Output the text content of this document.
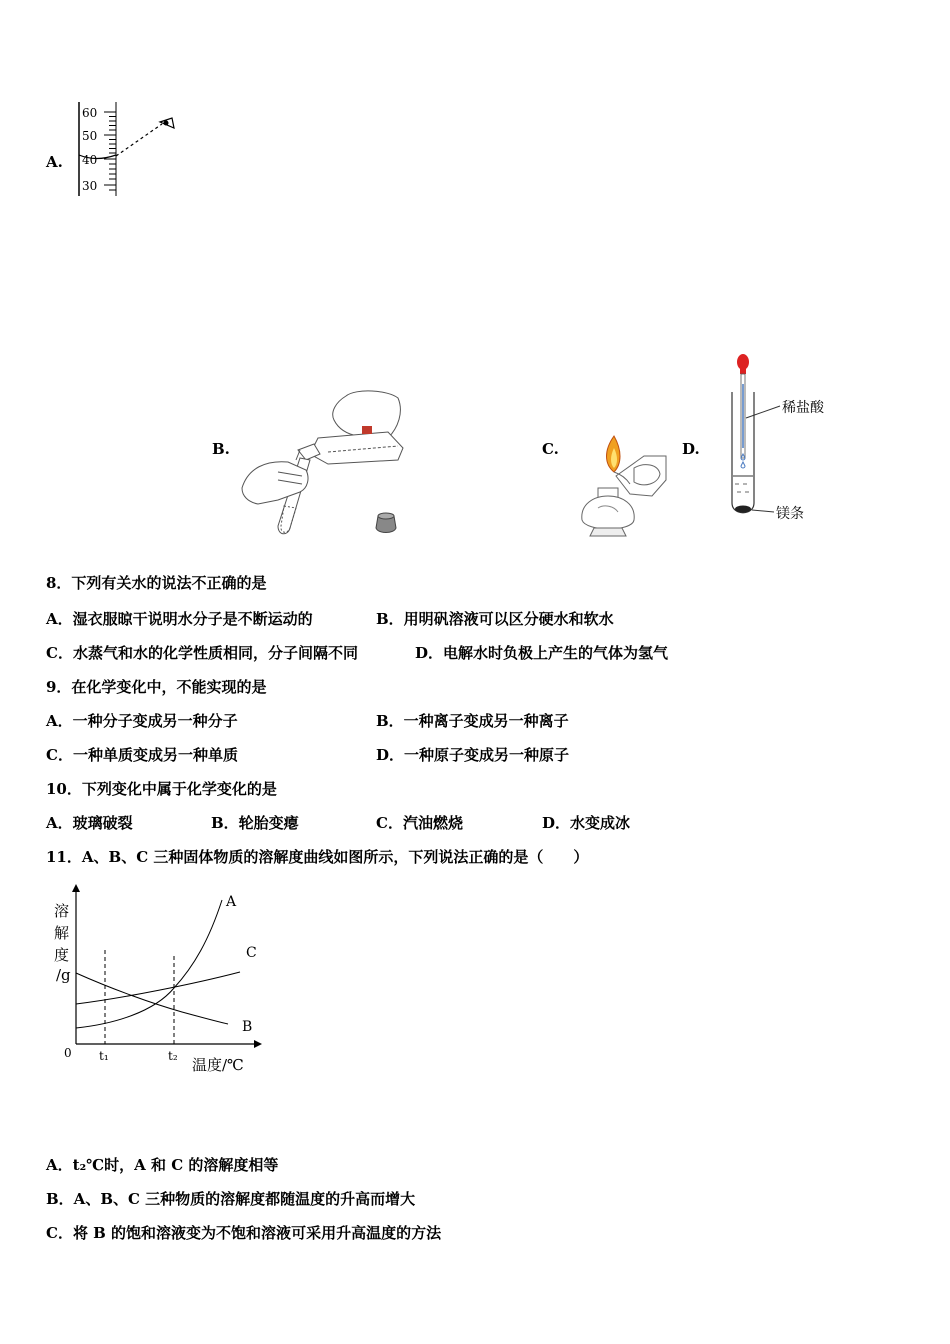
A.
60
50
40
30
B.	C.	D.
稀盐酸
镁条
8．下列有关水的说法不正确的是
A．湿衣服晾干说明水分子是不断运动的	B．用明矾溶液可以区分硬水和软水
C．水蒸气和水的化学性质相同，分子间隔不同	D．电解水时负极上产生的气体为氢气
9．在化学变化中，不能实现的是
A．一种分子变成另一种分子	B．一种离子变成另一种离子
C．一种单质变成另一种单质	D．一种原子变成另一种原子
10．下列变化中属于化学变化的是
A．玻璃破裂	B．轮胎变瘪	C．汽油燃烧	D．水变成冰
11．A、B、C 三种固体物质的溶解度曲线如图所示，下列说法正确的是（　　）
A
C
B
0 t₁	t₂ 温度/℃
溶 解 度 /g
A．t₂℃时，A 和 C 的溶解度相等
B．A、B、C 三种物质的溶解度都随温度的升高而增大
C．将 B 的饱和溶液变为不饱和溶液可采用升高温度的方法
